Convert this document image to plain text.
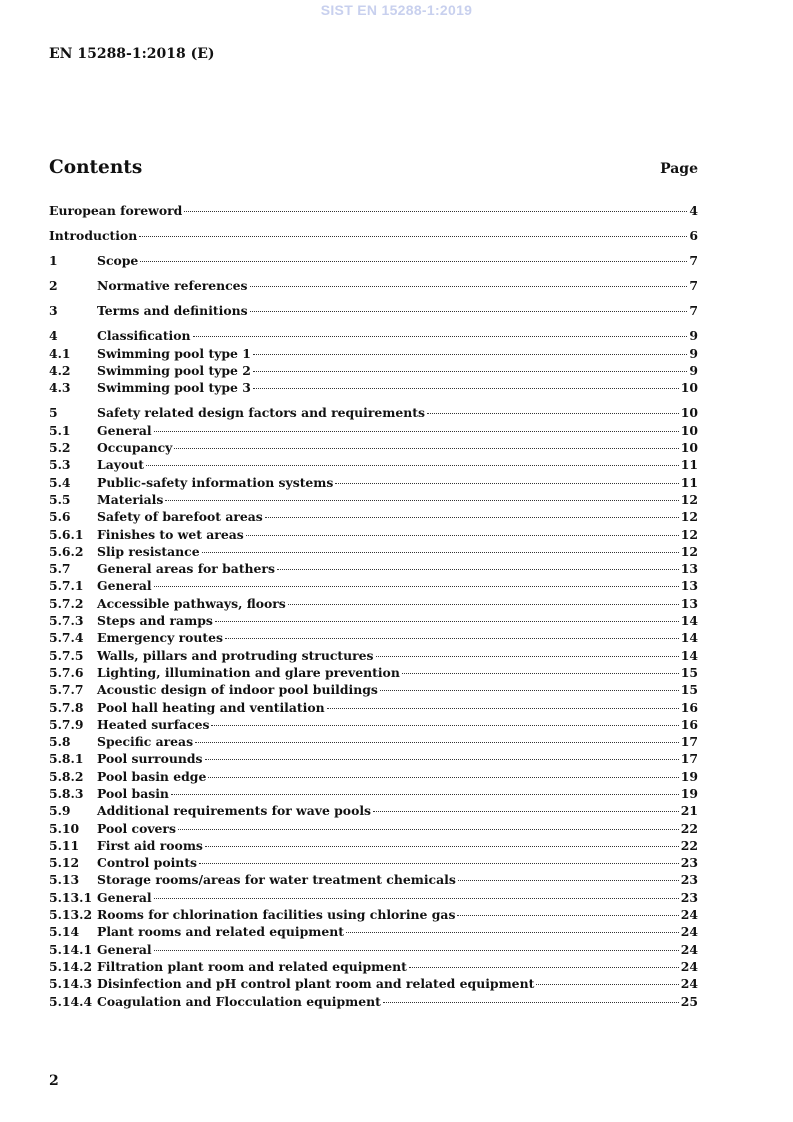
SIST EN 15288-1:2019
EN 15288-1:2018 (E)
Contents	Page
European foreword	4
Introduction	6
1	Scope	7
2	Normative references	7
3	Terms and definitions	7
4	Classification	9
4.1	Swimming pool type 1	9
4.2	Swimming pool type 2	9
4.3	Swimming pool type 3	10
5	Safety related design factors and requirements	10
5.1	General	10
5.2	Occupancy	10
5.3	Layout	11
5.4	Public-safety information systems	11
5.5	Materials	12
5.6	Safety of barefoot areas	12
5.6.1	Finishes to wet areas	12
5.6.2	Slip resistance	12
5.7	General areas for bathers	13
5.7.1	General	13
5.7.2	Accessible pathways, floors	13
5.7.3	Steps and ramps	14
5.7.4	Emergency routes	14
5.7.5	Walls, pillars and protruding structures	14
5.7.6	Lighting, illumination and glare prevention	15
5.7.7	Acoustic design of indoor pool buildings	15
5.7.8	Pool hall heating and ventilation	16
5.7.9	Heated surfaces	16
5.8	Specific areas	17
5.8.1	Pool surrounds	17
5.8.2	Pool basin edge	19
5.8.3	Pool basin	19
5.9	Additional requirements for wave pools	21
5.10	Pool covers	22
5.11	First aid rooms	22
5.12	Control points	23
5.13	Storage rooms/areas for water treatment chemicals	23
5.13.1 General	23
5.13.2 Rooms for chlorination facilities using chlorine gas	24
5.14	Plant rooms and related equipment	24
5.14.1 General	24
5.14.2 Filtration plant room and related equipment	24
5.14.3 Disinfection and pH control plant room and related equipment	24
5.14.4 Coagulation and Flocculation equipment	25
2
